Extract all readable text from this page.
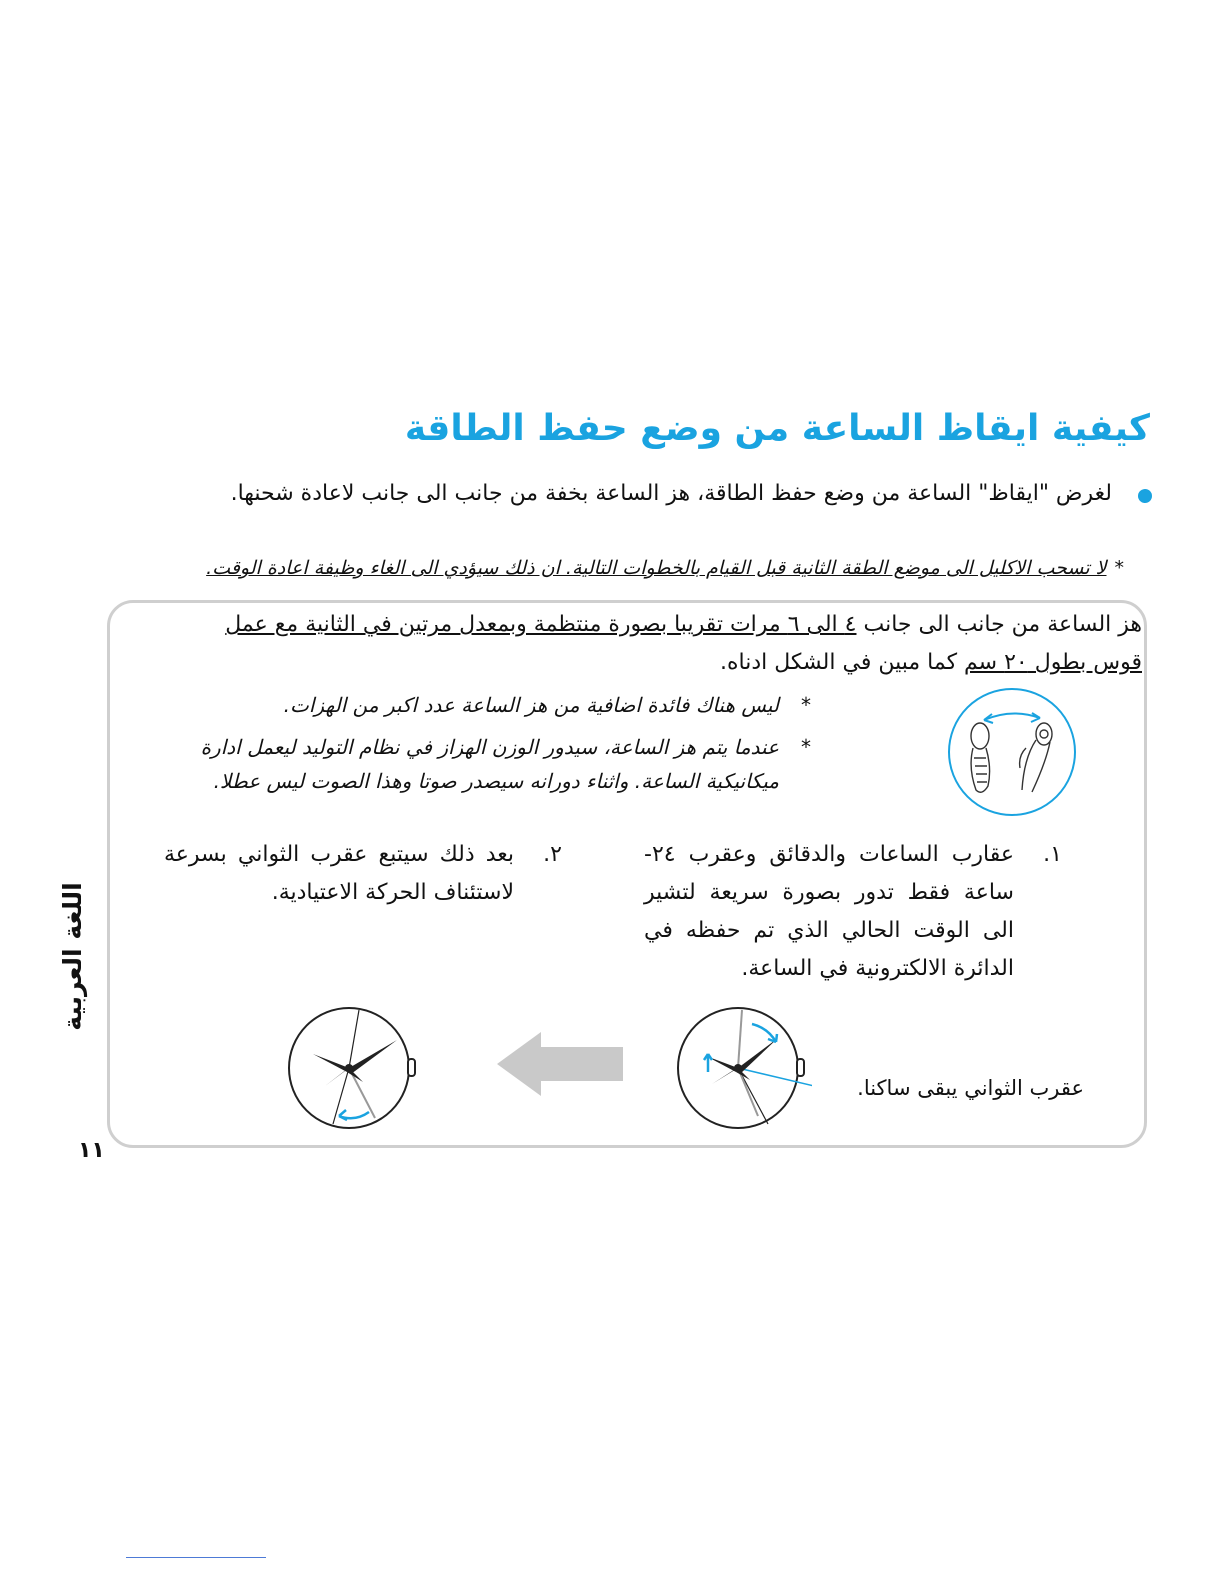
كيفية ايقاظ الساعة من وضع حفظ الطاقة
لغرض "ايقاظ" الساعة من وضع حفظ الطاقة، هز الساعة بخفة من جانب الى جانب لاعادة شحنها.
*لا تسحب الاكليل الى موضع الطقة الثانية قبل القيام بالخطوات التالية. ان ذلك سيؤدي الى الغاء وظيفة اعادة الوقت.
هز الساعة من جانب الى جانب ٤ الى ٦ مرات تقريبا بصورة منتظمة وبمعدل مرتين في الثانية مع عمل قوس بطول ٢٠ سم كما مبين في الشكل ادناه.
*
ليس هناك فائدة اضافية من هز الساعة عدد اكبر من الهزات.
*
عندما يتم هز الساعة، سيدور الوزن الهزاز في نظام التوليد ليعمل ادارة ميكانيكية الساعة. واثناء دورانه سيصدر صوتا وهذا الصوت ليس عطلا.
١.
عقارب الساعات والدقائق وعقرب ٢٤- ساعة فقط تدور بصورة سريعة لتشير الى الوقت الحالي الذي تم حفظه في الدائرة الالكترونية في الساعة.
٢.
بعد ذلك سيتبع عقرب الثواني بسرعة لاستئناف الحركة الاعتيادية.
عقرب الثواني يبقى ساكنا.
اللغة العربية
١١
